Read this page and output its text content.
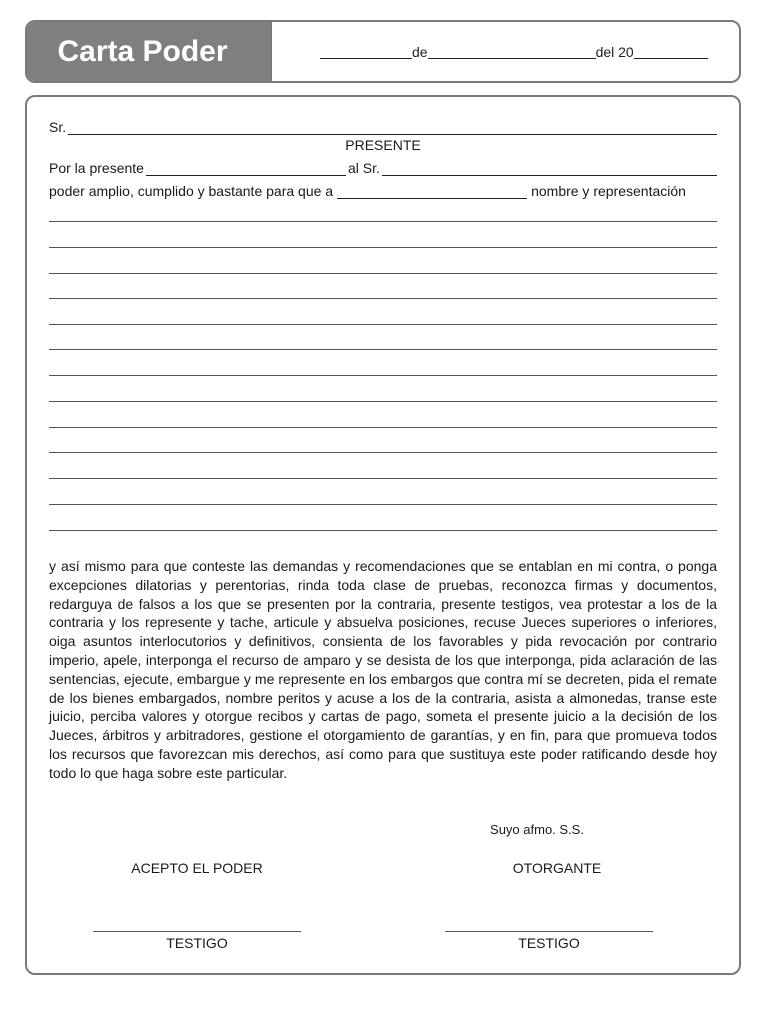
Carta Poder	de	del 20
Sr.
PRESENTE
Por la presente	al Sr.
poder amplio, cumplido y bastante para que a	nombre y representación
y así mismo para que conteste las demandas y recomendaciones que se entablan en mi contra, o ponga excepciones dilatorias y perentorias, rinda toda clase de pruebas, reconozca firmas y documentos, redarguya de falsos a los que se presenten por la contraria, presente testigos, vea protestar a los de la contraria y los represente y tache, articule y absuelva posiciones, recuse Jueces superiores o inferiores, oiga asuntos interlocutorios y definitivos, consienta de los favorables y pida revocación por contrario imperio, apele, interponga el recurso de amparo y se desista de los que interponga, pida aclaración de las sentencias, ejecute, embargue y me represente en los embargos que contra mí se decreten, pida el remate de los bienes embargados, nombre peritos y acuse a los de la contraria, asista a almonedas, transe este juicio, perciba valores y otorgue recibos y cartas de pago, someta el presente juicio a la decisión de los Jueces, árbitros y arbitradores, gestione el otorgamiento de garantías, y en fin, para que promueva todos los recursos que favorezcan mis derechos, así como para que sustituya este poder ratificando desde hoy todo lo que haga sobre este particular.
Suyo afmo. S.S.
ACEPTO EL PODER	OTORGANTE
TESTIGO	TESTIGO
